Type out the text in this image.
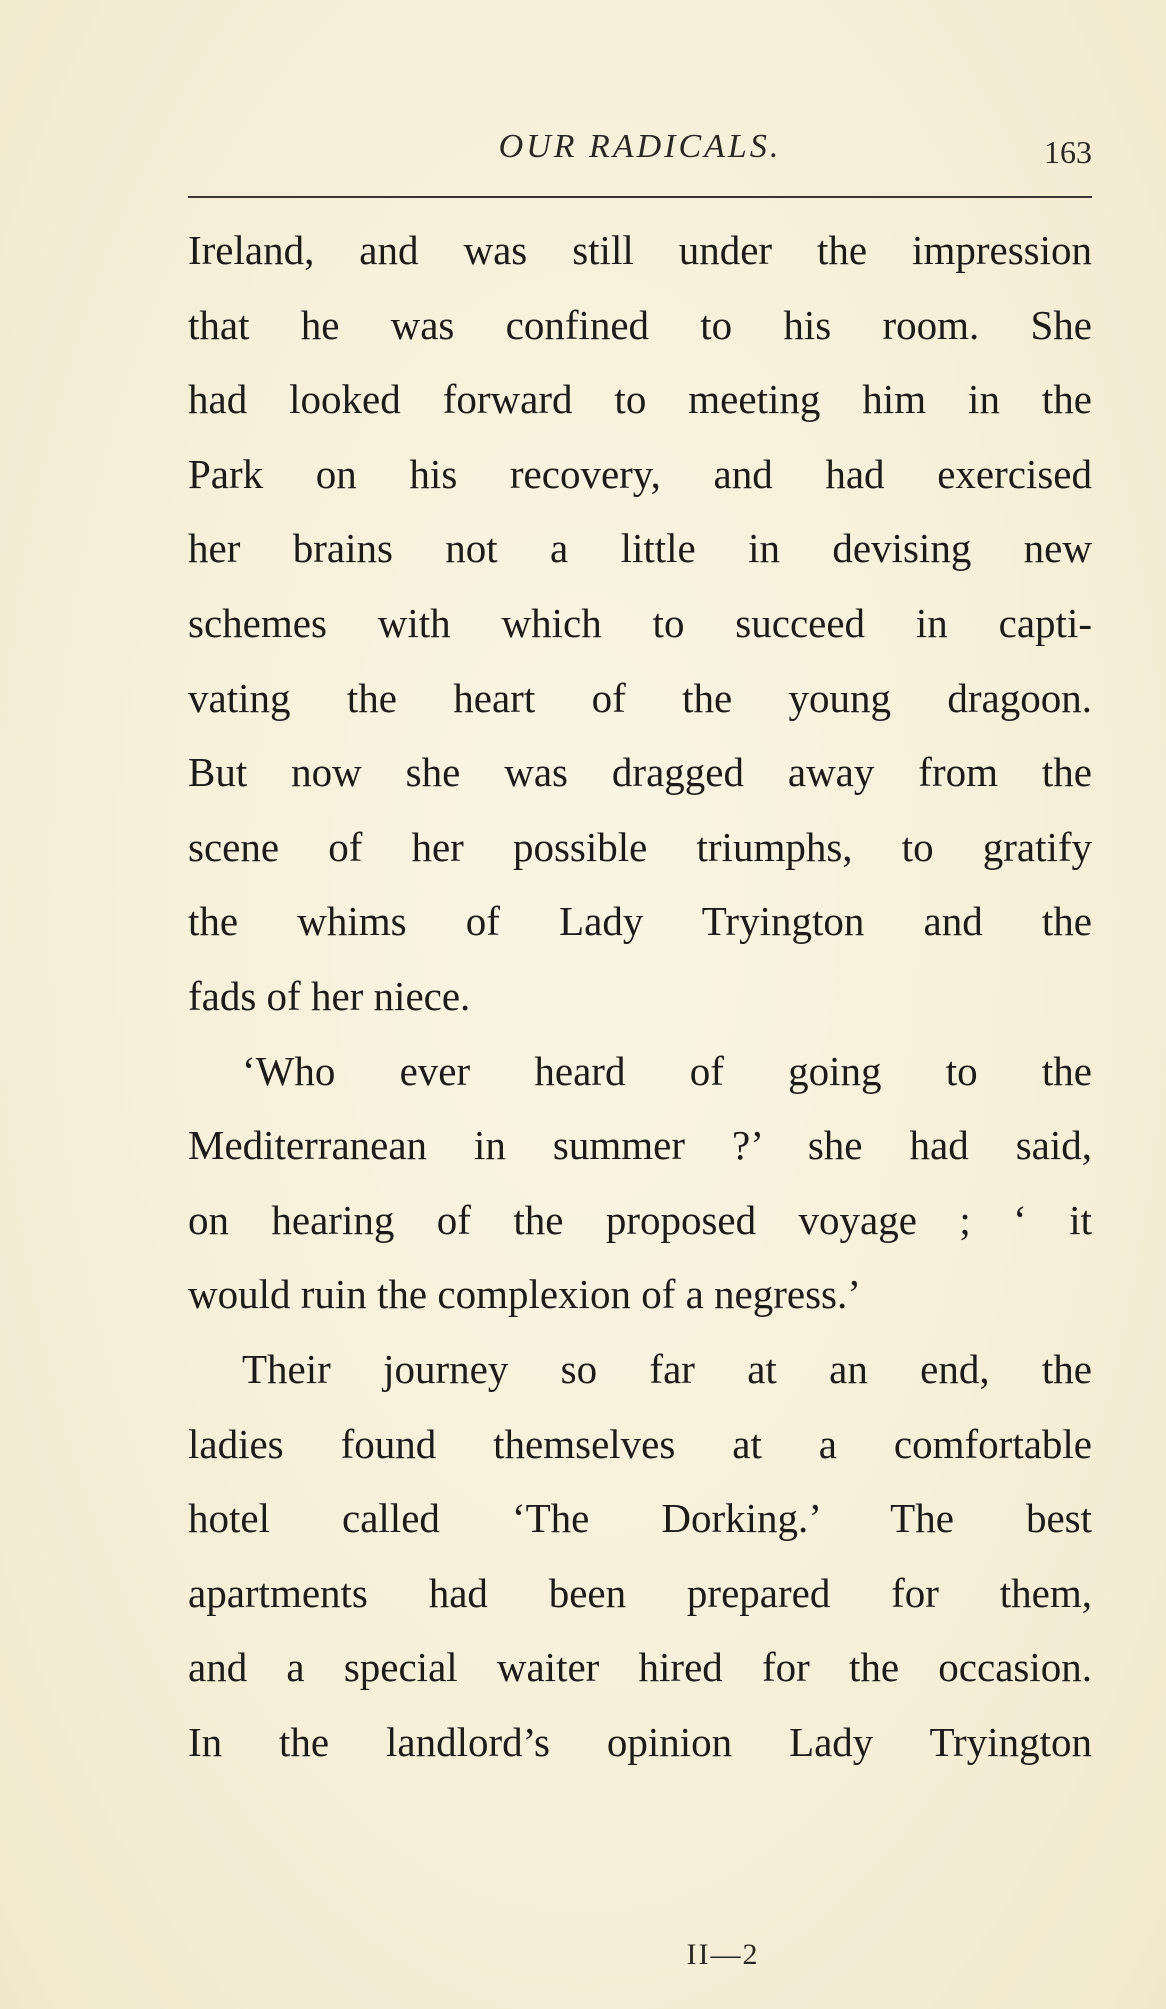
OUR RADICALS.	163
Ireland, and was still under the impression
that he was confined to his room. She
had looked forward to meeting him in the
Park on his recovery, and had exercised
her brains not a little in devising new
schemes with which to succeed in capti-
vating the heart of the young dragoon.
But now she was dragged away from the
scene of her possible triumphs, to gratify
the whims of Lady Tryington and the
fads of her niece.
‘Who ever heard of going to the
Mediterranean in summer ?’ she had said,
on hearing of the proposed voyage ; ‘ it
would ruin the complexion of a negress.’
Their journey so far at an end, the
ladies found themselves at a comfortable
hotel called ‘The Dorking.’ The best
apartments had been prepared for them,
and a special waiter hired for the occasion.
In the landlord’s opinion Lady Tryington
II—2
